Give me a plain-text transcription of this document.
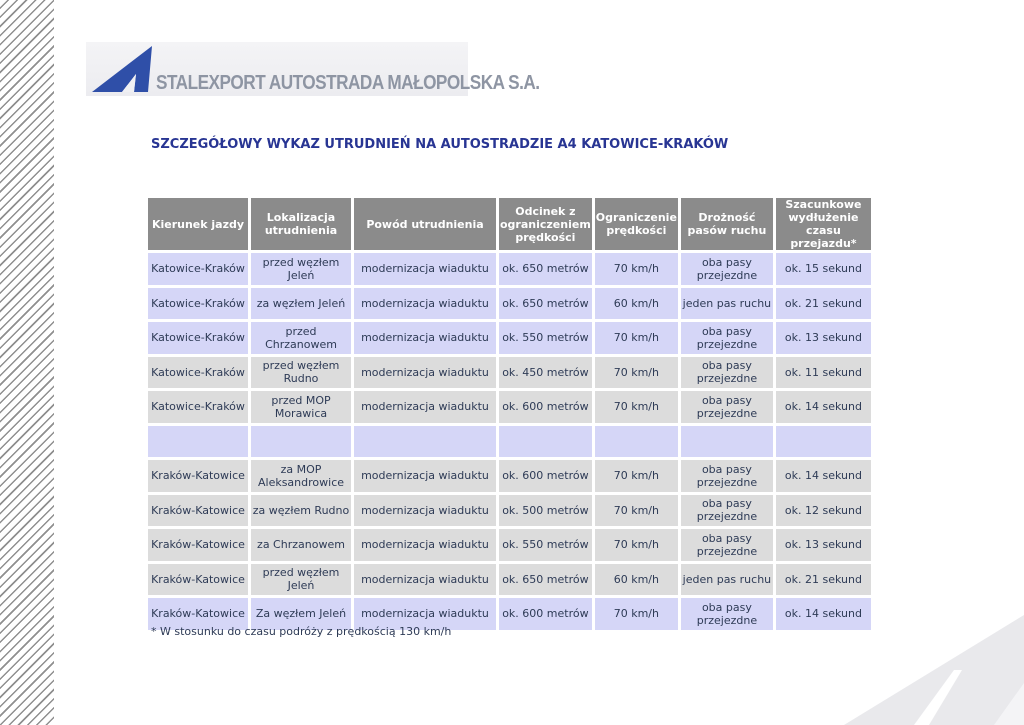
STALEXPORT AUTOSTRADA MAŁOPOLSKA S.A.
SZCZEGÓŁOWY WYKAZ UTRUDNIEŃ NA AUTOSTRADZIE A4 KATOWICE-KRAKÓW
Kierunek jazdy	Lokalizacja utrudnienia	Powód utrudnienia	Odcinek z ograniczeniem prędkości	Ograniczenie prędkości	Drożność pasów ruchu	Szacunkowe wydłużenie czasu przejazdu*
Katowice-Kraków	przed węzłem Jeleń	modernizacja wiaduktu	ok. 650 metrów	70 km/h	oba pasy przejezdne	ok. 15 sekund
Katowice-Kraków	za węzłem Jeleń	modernizacja wiaduktu	ok. 650 metrów	60 km/h	jeden pas ruchu	ok. 21 sekund
Katowice-Kraków	przed Chrzanowem	modernizacja wiaduktu	ok. 550 metrów	70 km/h	oba pasy przejezdne	ok. 13 sekund
Katowice-Kraków	przed węzłem Rudno	modernizacja wiaduktu	ok. 450 metrów	70 km/h	oba pasy przejezdne	ok. 11 sekund
Katowice-Kraków	przed MOP Morawica	modernizacja wiaduktu	ok. 600 metrów	70 km/h	oba pasy przejezdne	ok. 14 sekund

Kraków-Katowice	za MOP Aleksandrowice	modernizacja wiaduktu	ok. 600 metrów	70 km/h	oba pasy przejezdne	ok. 14 sekund
Kraków-Katowice	za węzłem Rudno	modernizacja wiaduktu	ok. 500 metrów	70 km/h	oba pasy przejezdne	ok. 12 sekund
Kraków-Katowice	za Chrzanowem	modernizacja wiaduktu	ok. 550 metrów	70 km/h	oba pasy przejezdne	ok. 13 sekund
Kraków-Katowice	przed węzłem Jeleń	modernizacja wiaduktu	ok. 650 metrów	60 km/h	jeden pas ruchu	ok. 21 sekund
Kraków-Katowice	Za węzłem Jeleń	modernizacja wiaduktu	ok. 600 metrów	70 km/h	oba pasy przejezdne	ok. 14 sekund
* W stosunku do czasu podróży z prędkością 130 km/h
